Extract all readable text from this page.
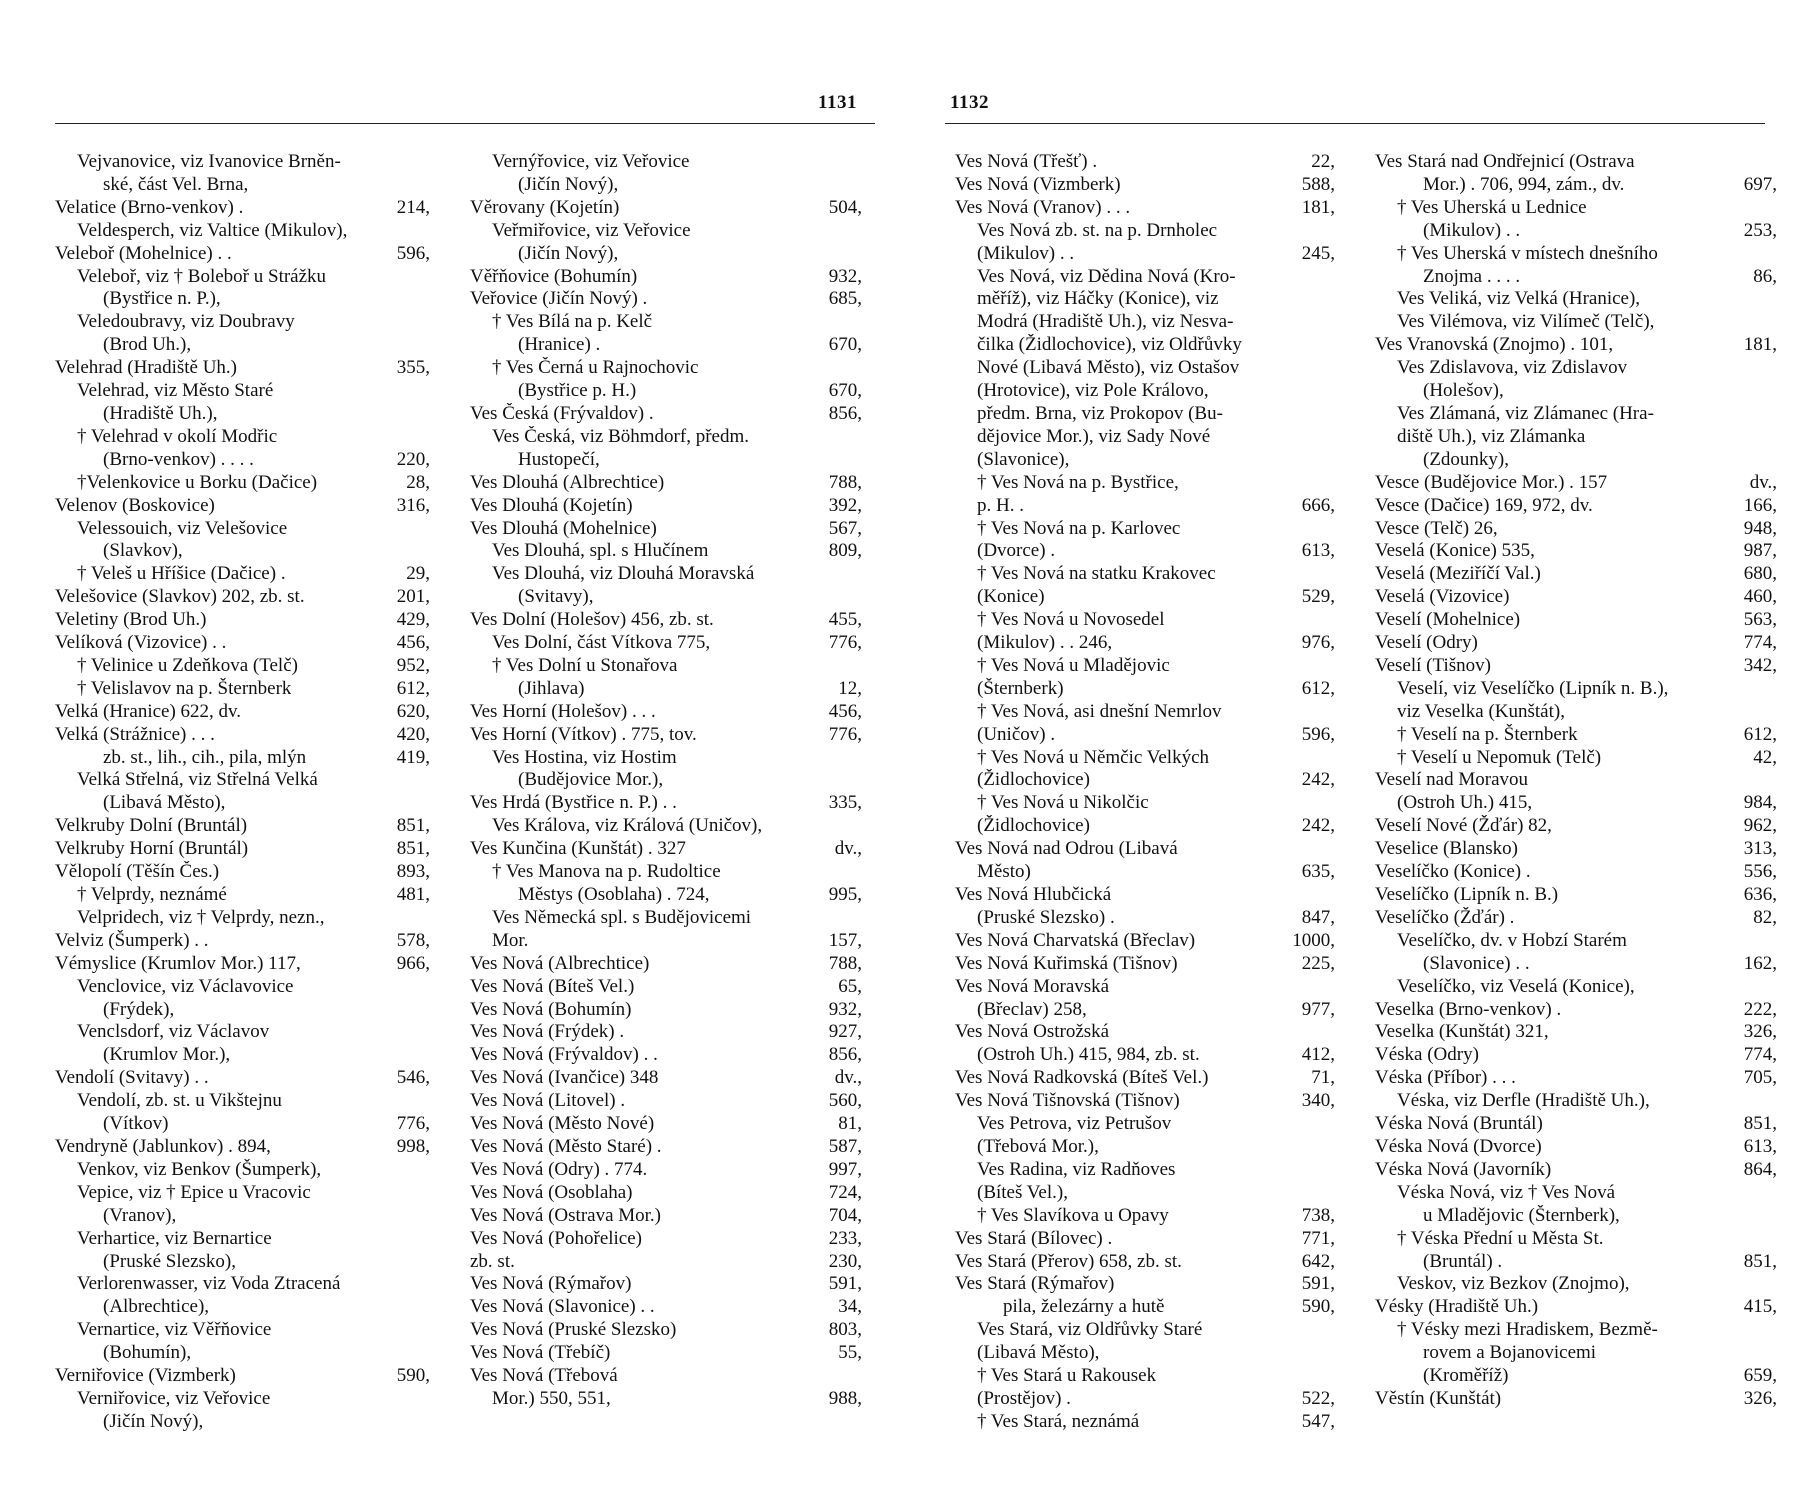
1131
Vejvanovice, viz Ivanovice Brněn-
ské, část Vel. Brna,
Velatice (Brno-venkov) .	214,
Veldesperch, viz Valtice (Mikulov),
Veleboř (Mohelnice) . .	596,
Veleboř, viz † Boleboř u Strážku
(Bystřice n. P.),
Veledoubravy, viz Doubravy
(Brod Uh.),
Velehrad (Hradiště Uh.)	355,
Velehrad, viz Město Staré
(Hradiště Uh.),
† Velehrad v okolí Modřic
(Brno-venkov) . . . .	220,
†Velenkovice u Borku (Dačice)	28,
Velenov (Boskovice)	316,
Velessouich, viz Velešovice
(Slavkov),
† Veleš u Hříšice (Dačice) .	29,
Velešovice (Slavkov) 202, zb. st.	201,
Veletiny (Brod Uh.)	429,
Velíková (Vizovice) . .	456,
† Velinice u Zdeňkova (Telč)	952,
† Velislavov na p. Šternberk	612,
Velká (Hranice) 622, dv.	620,
Velká (Strážnice) . . .	420,
zb. st., lih., cih., pila, mlýn	419,
Velká Střelná, viz Střelná Velká
(Libavá Město),
Velkruby Dolní (Bruntál)	851,
Velkruby Horní (Bruntál)	851,
Vělopolí (Těšín Čes.)	893,
† Velprdy, neznámé	481,
Velpridech, viz † Velprdy, nezn.,
Velviz (Šumperk) . .	578,
Vémyslice (Krumlov Mor.) 117,	966,
Venclovice, viz Václavovice
(Frýdek),
Venclsdorf, viz Václavov
(Krumlov Mor.),
Vendolí (Svitavy) . .	546,
Vendolí, zb. st. u Vikštejnu
(Vítkov)	776,
Vendryně (Jablunkov) . 894,	998,
Venkov, viz Benkov (Šumperk),
Vepice, viz † Epice u Vracovic
(Vranov),
Verhartice, viz Bernartice
(Pruské Slezsko),
Verlorenwasser, viz Voda Ztracená
(Albrechtice),
Vernartice, viz Věřňovice
(Bohumín),
Verniřovice (Vizmberk)	590,
Verniřovice, viz Veřovice
(Jičín Nový),
Vernýřovice, viz Veřovice
(Jičín Nový),
Věrovany (Kojetín)	504,
Veřmiřovice, viz Veřovice
(Jičín Nový),
Věřňovice (Bohumín)	932,
Veřovice (Jičín Nový) .	685,
† Ves Bílá na p. Kelč
(Hranice) .	670,
† Ves Černá u Rajnochovic
(Bystřice p. H.)	670,
Ves Česká (Frývaldov) .	856,
Ves Česká, viz Böhmdorf, předm.
Hustopečí,
Ves Dlouhá (Albrechtice)	788,
Ves Dlouhá (Kojetín)	392,
Ves Dlouhá (Mohelnice)	567,
Ves Dlouhá, spl. s Hlučínem	809,
Ves Dlouhá, viz Dlouhá Moravská
(Svitavy),
Ves Dolní (Holešov) 456, zb. st.	455,
Ves Dolní, část Vítkova 775,	776,
† Ves Dolní u Stonařova
(Jihlava)	12,
Ves Horní (Holešov) . . .	456,
Ves Horní (Vítkov) . 775, tov.	776,
Ves Hostina, viz Hostim
(Budějovice Mor.),
Ves Hrdá (Bystřice n. P.) . .	335,
Ves Králova, viz Králová (Uničov),
Ves Kunčina (Kunštát) . 327	dv.,
† Ves Manova na p. Rudoltice
Městys (Osoblaha) . 724,	995,
Ves Německá spl. s Budějovicemi
Mor.	157,
Ves Nová (Albrechtice)	788,
Ves Nová (Bíteš Vel.)	65,
Ves Nová (Bohumín)	932,
Ves Nová (Frýdek) .	927,
Ves Nová (Frývaldov) . .	856,
Ves Nová (Ivančice) 348	dv.,
Ves Nová (Litovel) .	560,
Ves Nová (Město Nové)	81,
Ves Nová (Město Staré) .	587,
Ves Nová (Odry) . 774.	997,
Ves Nová (Osoblaha)	724,
Ves Nová (Ostrava Mor.)	704,
Ves Nová (Pohořelice)	233,
zb. st.	230,
Ves Nová (Rýmařov)	591,
Ves Nová (Slavonice) . .	34,
Ves Nová (Pruské Slezsko)	803,
Ves Nová (Třebíč)	55,
Ves Nová (Třebová
Mor.) 550, 551,	988,
1132
Ves Nová (Třešť) .	22,
Ves Nová (Vizmberk)	588,
Ves Nová (Vranov) . . .	181,
Ves Nová zb. st. na p. Drnholec
(Mikulov) . .	245,
Ves Nová, viz Dědina Nová (Kro-
měříž), viz Háčky (Konice), viz
Modrá (Hradiště Uh.), viz Nesva-
čilka (Židlochovice), viz Oldřůvky
Nové (Libavá Město), viz Ostašov
(Hrotovice), viz Pole Královo,
předm. Brna, viz Prokopov (Bu-
dějovice Mor.), viz Sady Nové
(Slavonice),
† Ves Nová na p. Bystřice,
p. H. .	666,
† Ves Nová na p. Karlovec
(Dvorce) .	613,
† Ves Nová na statku Krakovec
(Konice)	529,
† Ves Nová u Novosedel
(Mikulov) . . 246,	976,
† Ves Nová u Mladějovic
(Šternberk)	612,
† Ves Nová, asi dnešní Nemrlov
(Uničov) .	596,
† Ves Nová u Němčic Velkých
(Židlochovice)	242,
† Ves Nová u Nikolčic
(Židlochovice)	242,
Ves Nová nad Odrou (Libavá
Město)	635,
Ves Nová Hlubčická
(Pruské Slezsko) .	847,
Ves Nová Charvatská (Břeclav)	1000,
Ves Nová Kuřimská (Tišnov)	225,
Ves Nová Moravská
(Břeclav) 258,	977,
Ves Nová Ostrožská
(Ostroh Uh.) 415, 984, zb. st.	412,
Ves Nová Radkovská (Bíteš Vel.)	71,
Ves Nová Tišnovská (Tišnov)	340,
Ves Petrova, viz Petrušov
(Třebová Mor.),
Ves Radina, viz Radňoves
(Bíteš Vel.),
† Ves Slavíkova u Opavy	738,
Ves Stará (Bílovec) .	771,
Ves Stará (Přerov) 658, zb. st.	642,
Ves Stará (Rýmařov)	591,
pila, železárny a hutě	590,
Ves Stará, viz Oldřůvky Staré
(Libavá Město),
† Ves Stará u Rakousek
(Prostějov) .	522,
† Ves Stará, neznámá	547,
Ves Stará nad Ondřejnicí (Ostrava
Mor.) . 706, 994, zám., dv.	697,
† Ves Uherská u Lednice
(Mikulov) . .	253,
† Ves Uherská v místech dnešního
Znojma . . . .	86,
Ves Veliká, viz Velká (Hranice),
Ves Vilémova, viz Vilímeč (Telč),
Ves Vranovská (Znojmo) . 101,	181,
Ves Zdislavova, viz Zdislavov
(Holešov),
Ves Zlámaná, viz Zlámanec (Hra-
diště Uh.), viz Zlámanka
(Zdounky),
Vesce (Budějovice Mor.) . 157	dv.,
Vesce (Dačice) 169, 972, dv.	166,
Vesce (Telč) 26,	948,
Veselá (Konice) 535,	987,
Veselá (Meziříčí Val.)	680,
Veselá (Vizovice)	460,
Veselí (Mohelnice)	563,
Veselí (Odry)	774,
Veselí (Tišnov)	342,
Veselí, viz Veselíčko (Lipník n. B.),
viz Veselka (Kunštát),
† Veselí na p. Šternberk	612,
† Veselí u Nepomuk (Telč)	42,
Veselí nad Moravou
(Ostroh Uh.) 415,	984,
Veselí Nové (Žďár) 82,	962,
Veselice (Blansko)	313,
Veselíčko (Konice) .	556,
Veselíčko (Lipník n. B.)	636,
Veselíčko (Žďár) .	82,
Veselíčko, dv. v Hobzí Starém
(Slavonice) . .	162,
Veselíčko, viz Veselá (Konice),
Veselka (Brno-venkov) .	222,
Veselka (Kunštát) 321,	326,
Véska (Odry)	774,
Véska (Příbor) . . .	705,
Véska, viz Derfle (Hradiště Uh.),
Véska Nová (Bruntál)	851,
Véska Nová (Dvorce)	613,
Véska Nová (Javorník)	864,
Véska Nová, viz † Ves Nová
u Mladějovic (Šternberk),
† Véska Přední u Města St.
(Bruntál) .	851,
Veskov, viz Bezkov (Znojmo),
Vésky (Hradiště Uh.)	415,
† Vésky mezi Hradiskem, Bezmě-
rovem a Bojanovicemi
(Kroměříž)	659,
Věstín (Kunštát)	326,
